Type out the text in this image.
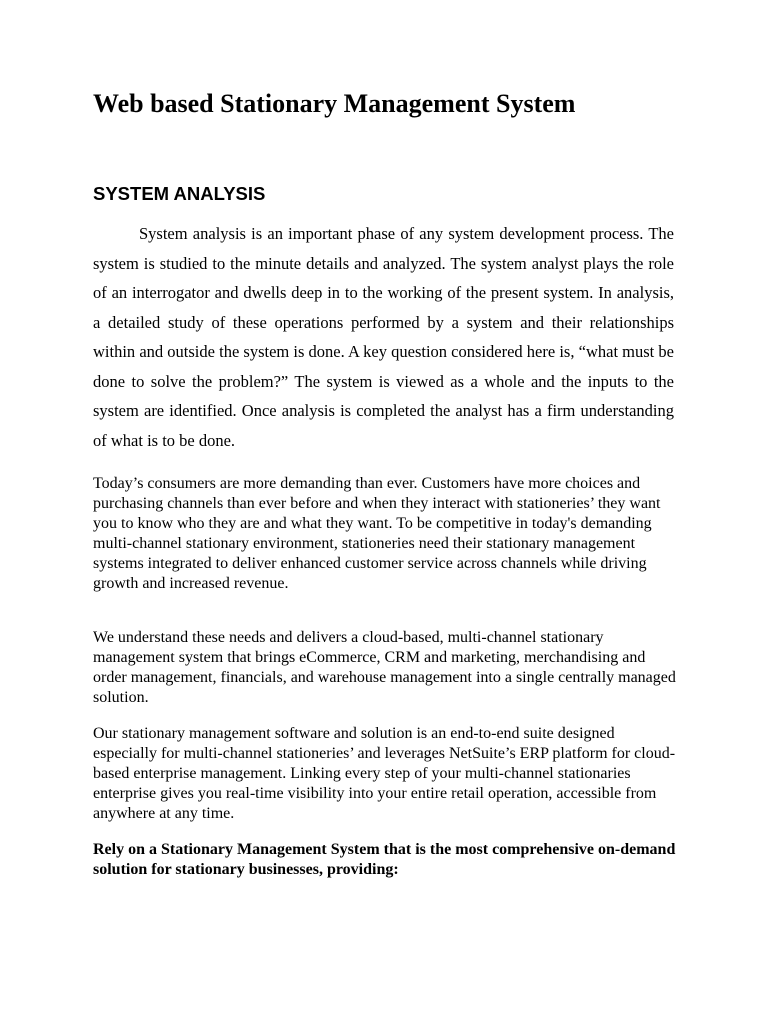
Web based Stationary Management System
SYSTEM ANALYSIS

System analysis is an important phase of any system development process. The system is studied to the minute details and analyzed. The system analyst plays the role of an interrogator and dwells deep in to the working of the present system. In analysis, a detailed study of these operations performed by a system and their relationships within and outside the system is done. A key question considered here is, “what must be done to solve the problem?” The system is viewed as a whole and the inputs to the system are identified. Once analysis is completed the analyst has a firm understanding of what is to be done.

Today’s consumers are more demanding than ever. Customers have more choices and purchasing channels than ever before and when they interact with stationeries’ they want you to know who they are and what they want. To be competitive in today's demanding multi-channel stationary environment, stationeries need their stationary management systems integrated to deliver enhanced customer service across channels while driving growth and increased revenue.

We understand these needs and delivers a cloud-based, multi-channel stationary management system that brings eCommerce, CRM and marketing, merchandising and order management, financials, and warehouse management into a single centrally managed solution.

Our stationary management software and solution is an end-to-end suite designed especially for multi-channel stationeries’ and leverages NetSuite’s ERP platform for cloud-based enterprise management. Linking every step of your multi-channel stationaries enterprise gives you real-time visibility into your entire retail operation, accessible from anywhere at any time.

Rely on a Stationary Management System that is the most comprehensive on-demand solution for stationary businesses, providing:
